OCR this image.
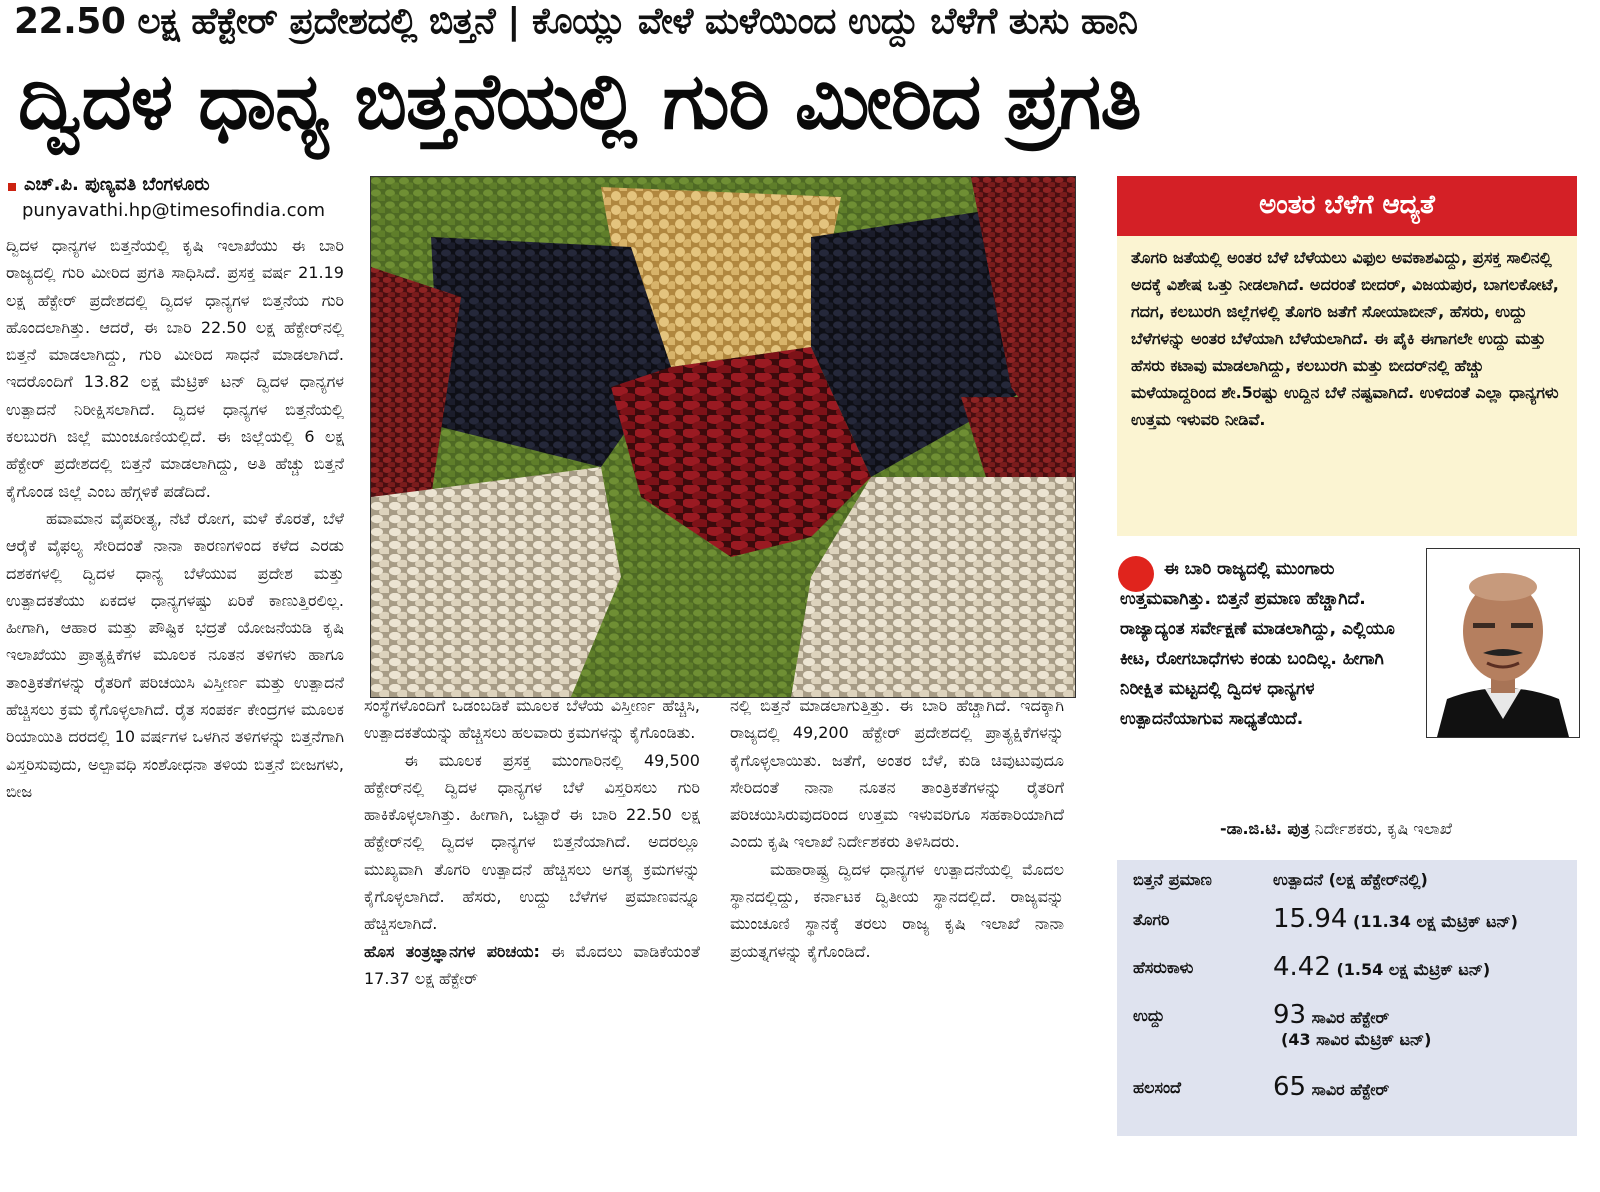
22.50 ಲಕ್ಷ ಹೆಕ್ಟೇರ್ ಪ್ರದೇಶದಲ್ಲಿ ಬಿತ್ತನೆ | ಕೊಯ್ಲು ವೇಳೆ ಮಳೆಯಿಂದ ಉದ್ದು ಬೆಳೆಗೆ ತುಸು ಹಾನಿ
ದ್ವಿದಳ ಧಾನ್ಯ ಬಿತ್ತನೆಯಲ್ಲಿ ಗುರಿ ಮೀರಿದ ಪ್ರಗತಿ
ಎಚ್.ಪಿ. ಪುಣ್ಯವತಿ ಬೆಂಗಳೂರು
punyavathi.hp@timesofindia.com

ದ್ವಿದಳ ಧಾನ್ಯಗಳ ಬಿತ್ತನೆಯಲ್ಲಿ ಕೃಷಿ ಇಲಾಖೆಯು ಈ ಬಾರಿ ರಾಜ್ಯದಲ್ಲಿ ಗುರಿ ಮೀರಿದ ಪ್ರಗತಿ ಸಾಧಿಸಿದೆ. ಪ್ರಸಕ್ತ ವರ್ಷ 21.19 ಲಕ್ಷ ಹೆಕ್ಟೇರ್ ಪ್ರದೇಶದಲ್ಲಿ ದ್ವಿದಳ ಧಾನ್ಯಗಳ ಬಿತ್ತನೆಯ ಗುರಿ ಹೊಂದಲಾಗಿತ್ತು. ಆದರೆ, ಈ ಬಾರಿ 22.50 ಲಕ್ಷ ಹೆಕ್ಟೇರ್‌ನಲ್ಲಿ ಬಿತ್ತನೆ ಮಾಡಲಾಗಿದ್ದು, ಗುರಿ ಮೀರಿದ ಸಾಧನೆ ಮಾಡಲಾಗಿದೆ. ಇದರೊಂದಿಗೆ 13.82 ಲಕ್ಷ ಮೆಟ್ರಿಕ್ ಟನ್ ದ್ವಿದಳ ಧಾನ್ಯಗಳ ಉತ್ಪಾದನೆ ನಿರೀಕ್ಷಿಸಲಾಗಿದೆ. ದ್ವಿದಳ ಧಾನ್ಯಗಳ ಬಿತ್ತನೆಯಲ್ಲಿ ಕಲಬುರಗಿ ಜಿಲ್ಲೆ ಮುಂಚೂಣಿಯಲ್ಲಿದೆ. ಈ ಜಿಲ್ಲೆಯಲ್ಲಿ 6 ಲಕ್ಷ ಹೆಕ್ಟೇರ್ ಪ್ರದೇಶದಲ್ಲಿ ಬಿತ್ತನೆ ಮಾಡಲಾಗಿದ್ದು, ಅತಿ ಹೆಚ್ಚು ಬಿತ್ತನೆ ಕೈಗೊಂಡ ಜಿಲ್ಲೆ ಎಂಬ ಹೆಗ್ಗಳಿಕೆ ಪಡೆದಿದೆ.

ಹವಾಮಾನ ವೈಪರೀತ್ಯ, ನೆಟೆ ರೋಗ, ಮಳೆ ಕೊರತೆ, ಬೆಳೆ ಆರೈಕೆ ವೈಫಲ್ಯ ಸೇರಿದಂತೆ ನಾನಾ ಕಾರಣಗಳಿಂದ ಕಳೆದ ಎರಡು ದಶಕಗಳಲ್ಲಿ ದ್ವಿದಳ ಧಾನ್ಯ ಬೆಳೆಯುವ ಪ್ರದೇಶ ಮತ್ತು ಉತ್ಪಾದಕತೆಯು ಏಕದಳ ಧಾನ್ಯಗಳಷ್ಟು ಏರಿಕೆ ಕಾಣುತ್ತಿರಲಿಲ್ಲ. ಹೀಗಾಗಿ, ಆಹಾರ ಮತ್ತು ಪೌಷ್ಟಿಕ ಭದ್ರತೆ ಯೋಜನೆಯಡಿ ಕೃಷಿ ಇಲಾಖೆಯು ಪ್ರಾತ್ಯಕ್ಷಿಕೆಗಳ ಮೂಲಕ ನೂತನ ತಳಿಗಳು ಹಾಗೂ ತಾಂತ್ರಿಕತೆಗಳನ್ನು ರೈತರಿಗೆ ಪರಿಚಯಿಸಿ ವಿಸ್ತೀರ್ಣ ಮತ್ತು ಉತ್ಪಾದನೆ ಹೆಚ್ಚಿಸಲು ಕ್ರಮ ಕೈಗೊಳ್ಳಲಾಗಿದೆ. ರೈತ ಸಂಪರ್ಕ ಕೇಂದ್ರಗಳ ಮೂಲಕ ರಿಯಾಯಿತಿ ದರದಲ್ಲಿ 10 ವರ್ಷಗಳ ಒಳಗಿನ ತಳಿಗಳನ್ನು ಬಿತ್ತನೆಗಾಗಿ ವಿಸ್ತರಿಸುವುದು, ಅಲ್ಪಾವಧಿ ಸಂಶೋಧನಾ ತಳಿಯ ಬಿತ್ತನೆ ಬೀಜಗಳು, ಬೀಜ

ಸಂಸ್ಥೆಗಳೊಂದಿಗೆ ಒಡಂಬಡಿಕೆ ಮೂಲಕ ಬೆಳೆಯ ವಿಸ್ತೀರ್ಣ ಹೆಚ್ಚಿಸಿ, ಉತ್ಪಾದಕತೆಯನ್ನು ಹೆಚ್ಚಿಸಲು ಹಲವಾರು ಕ್ರಮಗಳನ್ನು ಕೈಗೊಂಡಿತು.

ಈ ಮೂಲಕ ಪ್ರಸಕ್ತ ಮುಂಗಾರಿನಲ್ಲಿ 49,500 ಹೆಕ್ಟೇರ್‌ನಲ್ಲಿ ದ್ವಿದಳ ಧಾನ್ಯಗಳ ಬೆಳೆ ವಿಸ್ತರಿಸಲು ಗುರಿ ಹಾಕಿಕೊಳ್ಳಲಾಗಿತ್ತು. ಹೀಗಾಗಿ, ಒಟ್ಟಾರೆ ಈ ಬಾರಿ 22.50 ಲಕ್ಷ ಹೆಕ್ಟೇರ್‌ನಲ್ಲಿ ದ್ವಿದಳ ಧಾನ್ಯಗಳ ಬಿತ್ತನೆಯಾಗಿದೆ. ಅದರಲ್ಲೂ ಮುಖ್ಯವಾಗಿ ತೊಗರಿ ಉತ್ಪಾದನೆ ಹೆಚ್ಚಿಸಲು ಅಗತ್ಯ ಕ್ರಮಗಳನ್ನು ಕೈಗೊಳ್ಳಲಾಗಿದೆ. ಹೆಸರು, ಉದ್ದು ಬೆಳೆಗಳ ಪ್ರಮಾಣವನ್ನೂ ಹೆಚ್ಚಿಸಲಾಗಿದೆ.

ಹೊಸ ತಂತ್ರಜ್ಞಾನಗಳ ಪರಿಚಯ: ಈ ಮೊದಲು ವಾಡಿಕೆಯಂತೆ 17.37 ಲಕ್ಷ ಹೆಕ್ಟೇರ್

ನಲ್ಲಿ ಬಿತ್ತನೆ ಮಾಡಲಾಗುತ್ತಿತ್ತು. ಈ ಬಾರಿ ಹೆಚ್ಚಾಗಿದೆ. ಇದಕ್ಕಾಗಿ ರಾಜ್ಯದಲ್ಲಿ 49,200 ಹೆಕ್ಟೇರ್ ಪ್ರದೇಶದಲ್ಲಿ ಪ್ರಾತ್ಯಕ್ಷಿಕೆಗಳನ್ನು ಕೈಗೊಳ್ಳಲಾಯಿತು. ಜತೆಗೆ, ಅಂತರ ಬೆಳೆ, ಕುಡಿ ಚಿವುಟುವುದೂ ಸೇರಿದಂತೆ ನಾನಾ ನೂತನ ತಾಂತ್ರಿಕತೆಗಳನ್ನು ರೈತರಿಗೆ ಪರಿಚಯಿಸಿರುವುದರಿಂದ ಉತ್ತಮ ಇಳುವರಿಗೂ ಸಹಕಾರಿಯಾಗಿದೆ ಎಂದು ಕೃಷಿ ಇಲಾಖೆ ನಿರ್ದೇಶಕರು ತಿಳಿಸಿದರು.

ಮಹಾರಾಷ್ಟ್ರ ದ್ವಿದಳ ಧಾನ್ಯಗಳ ಉತ್ಪಾದನೆಯಲ್ಲಿ ಮೊದಲ ಸ್ಥಾನದಲ್ಲಿದ್ದು, ಕರ್ನಾಟಕ ದ್ವಿತೀಯ ಸ್ಥಾನದಲ್ಲಿದೆ. ರಾಜ್ಯವನ್ನು ಮುಂಚೂಣಿ ಸ್ಥಾನಕ್ಕೆ ತರಲು ರಾಜ್ಯ ಕೃಷಿ ಇಲಾಖೆ ನಾನಾ ಪ್ರಯತ್ನಗಳನ್ನು ಕೈಗೊಂಡಿದೆ.

ಅಂತರ ಬೆಳೆಗೆ ಆದ್ಯತೆ

ತೊಗರಿ ಜತೆಯಲ್ಲಿ ಅಂತರ ಬೆಳೆ ಬೆಳೆಯಲು ವಿಫುಲ ಅವಕಾಶವಿದ್ದು, ಪ್ರಸಕ್ತ ಸಾಲಿನಲ್ಲಿ ಅದಕ್ಕೆ ವಿಶೇಷ ಒತ್ತು ನೀಡಲಾಗಿದೆ. ಅದರಂತೆ ಬೀದರ್, ವಿಜಯಪುರ, ಬಾಗಲಕೋಟೆ, ಗದಗ, ಕಲಬುರಗಿ ಜಿಲ್ಲೆಗಳಲ್ಲಿ ತೊಗರಿ ಜತೆಗೆ ಸೋಯಾಬೀನ್, ಹೆಸರು, ಉದ್ದು ಬೆಳೆಗಳನ್ನು ಅಂತರ ಬೆಳೆಯಾಗಿ ಬೆಳೆಯಲಾಗಿದೆ. ಈ ಪೈಕಿ ಈಗಾಗಲೇ ಉದ್ದು ಮತ್ತು ಹೆಸರು ಕಟಾವು ಮಾಡಲಾಗಿದ್ದು, ಕಲಬುರಗಿ ಮತ್ತು ಬೀದರ್‌ನಲ್ಲಿ ಹೆಚ್ಚು ಮಳೆಯಾದ್ದರಿಂದ ಶೇ.5ರಷ್ಟು ಉದ್ದಿನ ಬೆಳೆ ನಷ್ಟವಾಗಿದೆ. ಉಳಿದಂತೆ ಎಲ್ಲಾ ಧಾನ್ಯಗಳು ಉತ್ತಮ ಇಳುವರಿ ನೀಡಿವೆ.

ಈ ಬಾರಿ ರಾಜ್ಯದಲ್ಲಿ ಮುಂಗಾರು ಉತ್ತಮವಾಗಿತ್ತು. ಬಿತ್ತನೆ ಪ್ರಮಾಣ ಹೆಚ್ಚಾಗಿದೆ. ರಾಜ್ಯಾದ್ಯಂತ ಸರ್ವೇಕ್ಷಣೆ ಮಾಡಲಾಗಿದ್ದು, ಎಲ್ಲಿಯೂ ಕೀಟ, ರೋಗಬಾಧೆಗಳು ಕಂಡು ಬಂದಿಲ್ಲ. ಹೀಗಾಗಿ ನಿರೀಕ್ಷಿತ ಮಟ್ಟದಲ್ಲಿ ದ್ವಿದಳ ಧಾನ್ಯಗಳ ಉತ್ಪಾದನೆಯಾಗುವ ಸಾಧ್ಯತೆಯಿದೆ.

-ಡಾ.ಜಿ.ಟಿ. ಪುತ್ರ ನಿರ್ದೇಶಕರು, ಕೃಷಿ ಇಲಾಖೆ
ಬಿತ್ತನೆ ಪ್ರಮಾಣ	ಉತ್ಪಾದನೆ (ಲಕ್ಷ ಹೆಕ್ಟೇರ್‌ನಲ್ಲಿ)
ತೊಗರಿ	15.94 (11.34 ಲಕ್ಷ ಮೆಟ್ರಿಕ್ ಟನ್)
ಹೆಸರುಕಾಳು	4.42 (1.54 ಲಕ್ಷ ಮೆಟ್ರಿಕ್ ಟನ್)
ಉದ್ದು	93 ಸಾವಿರ ಹೆಕ್ಟೇರ್
(43 ಸಾವಿರ ಮೆಟ್ರಿಕ್ ಟನ್)
ಹಲಸಂದೆ	65 ಸಾವಿರ ಹೆಕ್ಟೇರ್
